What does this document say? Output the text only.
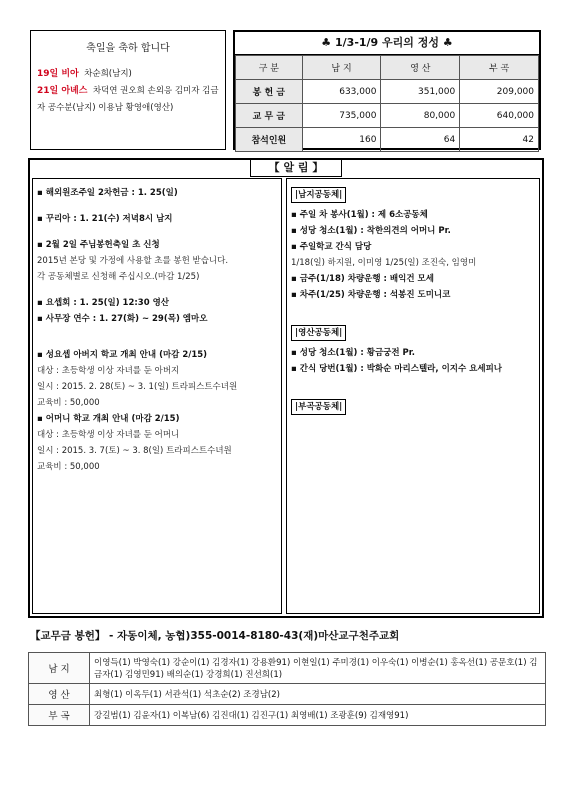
축일을 축하 합니다
19일 비아 차순희(남지)
21일 아녜스 차덕연 권오희 손외응 김미자 김금자 공수분(남지) 이용남 황영애(영산)
♣ 1/3-1/9 우리의 정성 ♣
구 분	남 지	영 산	부 곡
봉 헌 금	633,000	351,000	209,000
교 무 금	735,000	80,000	640,000
참석인원	160	64	42
【 알 림 】
▪ 해외원조주일 2차헌금 : 1. 25(일)
▪ 꾸리아 : 1. 21(수) 저녁8시 남지
▪ 2월 2일 주님봉헌축일 초 신청
2015년 본당 및 가정에 사용할 초를 봉헌 받습니다.
각 공동체별로 신청해 주십시오.(마감 1/25)
▪ 요셉회 : 1. 25(일) 12:30 영산
▪ 사무장 연수 : 1. 27(화) ~ 29(목) 엠마오
▪ 성요셉 아버지 학교 개최 안내 (마감 2/15)
대상 : 초등학생 이상 자녀를 둔 아버지
일시 : 2015. 2. 28(토) ~ 3. 1(일) 트라피스트수녀원
교육비 : 50,000
▪ 어머니 학교 개최 안내 (마감 2/15)
대상 : 초등학생 이상 자녀를 둔 어머니
일시 : 2015. 3. 7(토) ~ 3. 8(일) 트라피스트수녀원
교육비 : 50,000
|남지공동체|
▪ 주일 차 봉사(1월) : 제 6소공동체
▪ 성당 청소(1월) : 착한의견의 어머니 Pr.
▪ 주일학교 간식 담당
1/18(일) 하지원, 이미영 1/25(일) 조진숙, 임영미
▪ 금주(1/18) 차량운행 : 배익건 모세
▪ 차주(1/25) 차량운행 : 석봉진 도미니코
|영산공동체|
▪ 성당 청소(1월) : 황금궁전 Pr.
▪ 간식 당번(1월) : 박화순 마리스텔라, 이지수 요세피나
|부곡공동체|
【교무금 봉헌】 - 자동이체, 농협)355-0014-8180-43(재)마산교구천주교회
남 지	이영득(1) 박영숙(1) 강순이(1) 김경자(1) 강용환91) 이현일(1) 주미경(1) 이우숙(1) 이병순(1) 홍옥선(1) 공문호(1) 김금자(1) 김영민91) 배의순(1) 강경희(1) 진선희(1)
영 산	최형(1) 이옥두(1) 서관석(1) 석초순(2) 조경남(2)
부 곡	강길범(1) 김윤자(1) 이복남(6) 김진대(1) 김진구(1) 최영배(1) 조광훈(9) 김재영91)
